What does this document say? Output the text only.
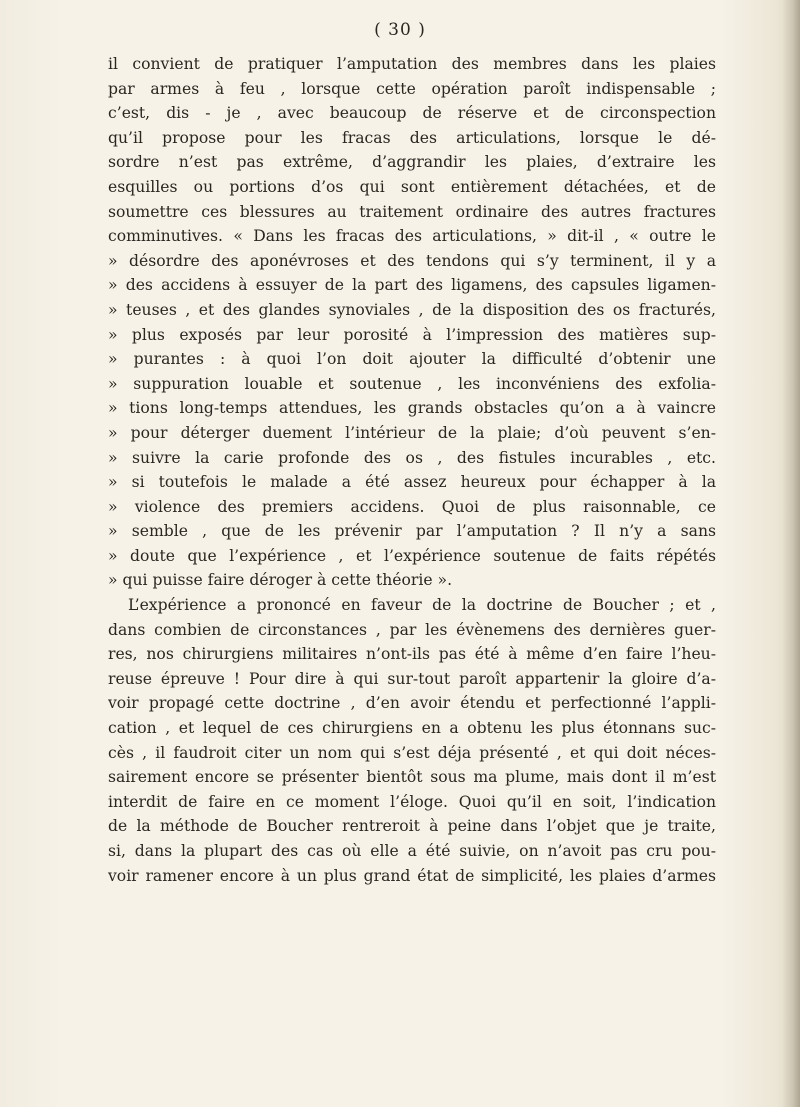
( 30 )
il convient de pratiquer l’amputation des membres dans les plaies
par armes à feu , lorsque cette opération paroît indispensable ;
c’est, dis - je , avec beaucoup de réserve et de circonspection
qu’il propose pour les fracas des articulations, lorsque le dé-
sordre n’est pas extrême, d’aggrandir les plaies, d’extraire les
esquilles ou portions d’os qui sont entièrement détachées, et de
soumettre ces blessures au traitement ordinaire des autres fractures
comminutives. « Dans les fracas des articulations, » dit-il , « outre le
» désordre des aponévroses et des tendons qui s’y terminent, il y a
» des accidens à essuyer de la part des ligamens, des capsules ligamen-
» teuses , et des glandes synoviales , de la disposition des os fracturés,
» plus exposés par leur porosité à l’impression des matières sup-
» purantes : à quoi l’on doit ajouter la difficulté d’obtenir une
» suppuration louable et soutenue , les inconvéniens des exfolia-
» tions long-temps attendues, les grands obstacles qu’on a à vaincre
» pour déterger duement l’intérieur de la plaie; d’où peuvent s’en-
» suivre la carie profonde des os , des fistules incurables , etc.
» si toutefois le malade a été assez heureux pour échapper à la
» violence des premiers accidens. Quoi de plus raisonnable, ce
» semble , que de les prévenir par l’amputation ? Il n’y a sans
» doute que l’expérience , et l’expérience soutenue de faits répétés
» qui puisse faire déroger à cette théorie ».
L’expérience a prononcé en faveur de la doctrine de Boucher ; et ,
dans combien de circonstances , par les évènemens des dernières guer-
res, nos chirurgiens militaires n’ont-ils pas été à même d’en faire l’heu-
reuse épreuve ! Pour dire à qui sur-tout paroît appartenir la gloire d’a-
voir propagé cette doctrine , d’en avoir étendu et perfectionné l’appli-
cation , et lequel de ces chirurgiens en a obtenu les plus étonnans suc-
cès , il faudroit citer un nom qui s’est déja présenté , et qui doit néces-
sairement encore se présenter bientôt sous ma plume, mais dont il m’est
interdit de faire en ce moment l’éloge. Quoi qu’il en soit, l’indication
de la méthode de Boucher rentreroit à peine dans l’objet que je traite,
si, dans la plupart des cas où elle a été suivie, on n’avoit pas cru pou-
voir ramener encore à un plus grand état de simplicité, les plaies d’armes
